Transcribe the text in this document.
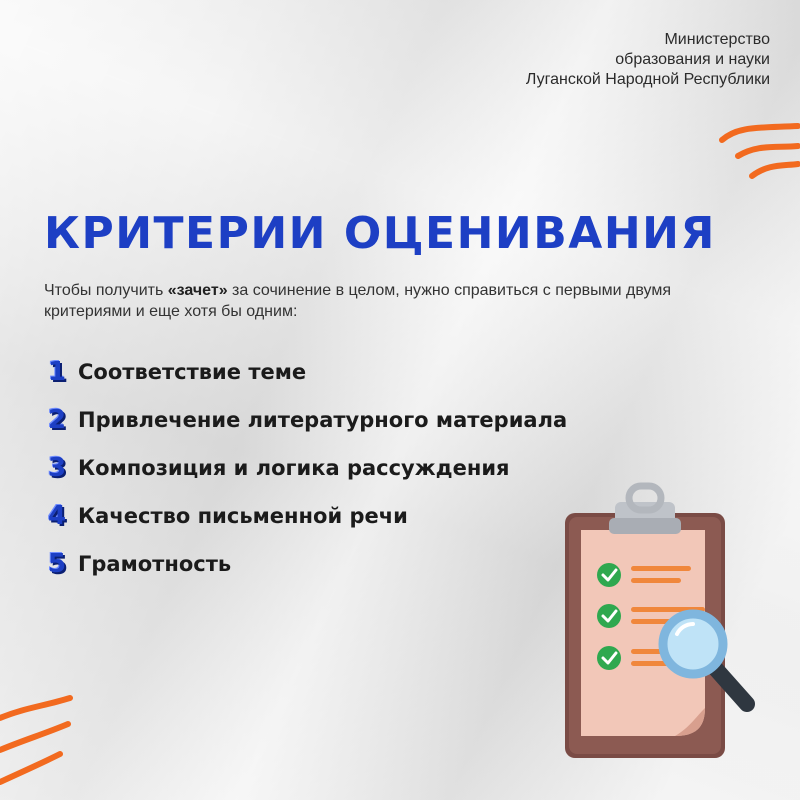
Министерство
образования и науки
Луганской Народной Республики
КРИТЕРИИ ОЦЕНИВАНИЯ
Чтобы получить «зачет» за сочинение в целом, нужно справиться с первыми двумя критериями и еще хотя бы одним:
1 Соответствие теме
2 Привлечение литературного материала
3 Композиция и логика рассуждения
4 Качество письменной речи
5 Грамотность
